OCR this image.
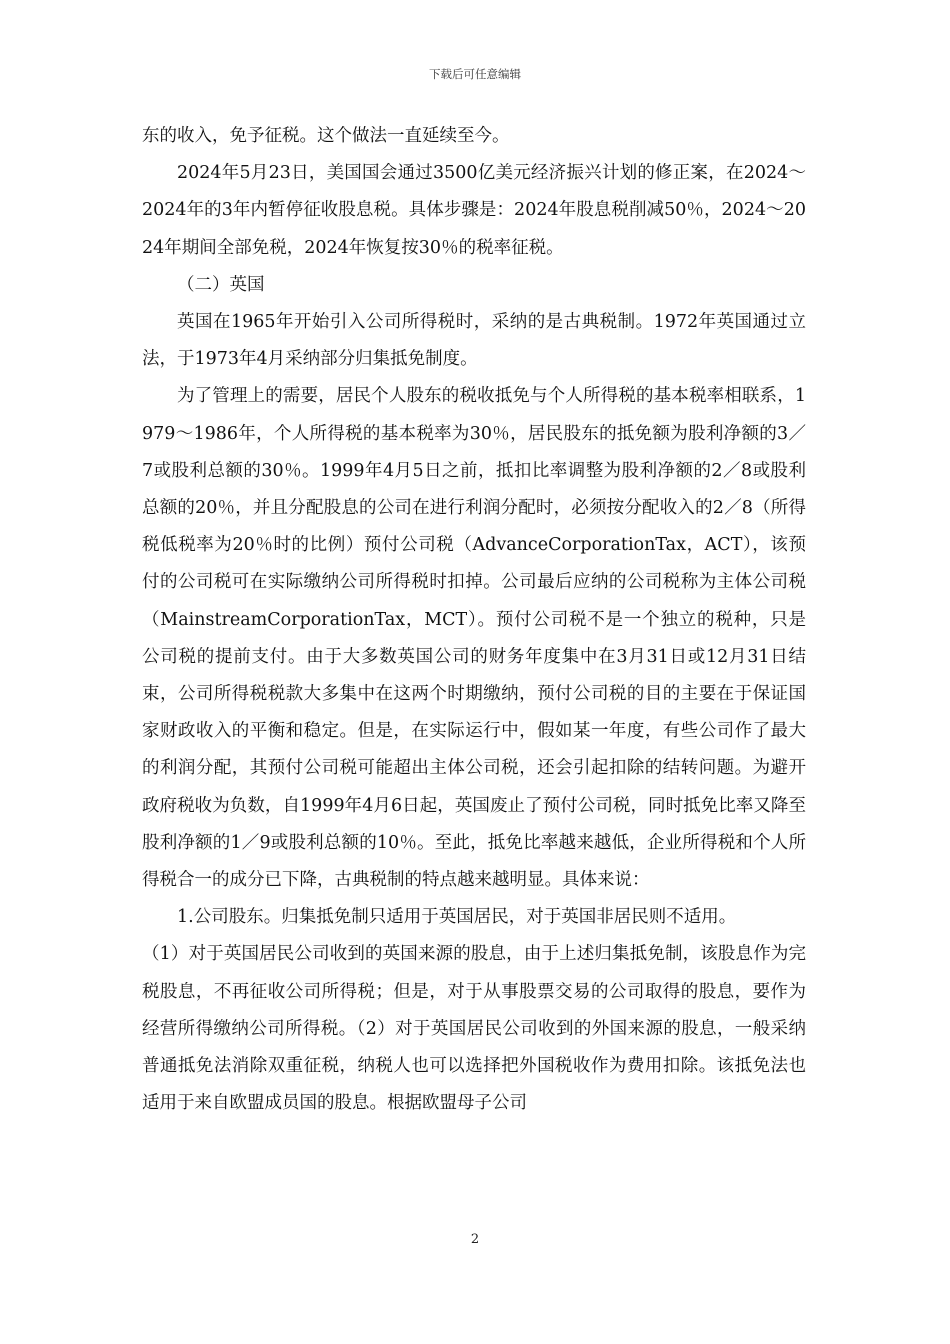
下载后可任意编辑

东的收入，免予征税。这个做法一直延续至今。

2024年5月23日，美国国会通过3500亿美元经济振兴计划的修正案，在2024～2024年的3年内暂停征收股息税。具体步骤是：2024年股息税削减50％，2024～2024年期间全部免税，2024年恢复按30％的税率征税。

（二）英国

英国在1965年开始引入公司所得税时，采纳的是古典税制。1972年英国通过立法，于1973年4月采纳部分归集抵免制度。

为了管理上的需要，居民个人股东的税收抵免与个人所得税的基本税率相联系，1979～1986年，个人所得税的基本税率为30％，居民股东的抵免额为股利净额的3／7或股利总额的30％。1999年4月5日之前，抵扣比率调整为股利净额的2／8或股利总额的20％，并且分配股息的公司在进行利润分配时，必须按分配收入的2／8（所得税低税率为20％时的比例）预付公司税（AdvanceCorporationTax，ACT），该预付的公司税可在实际缴纳公司所得税时扣掉。公司最后应纳的公司税称为主体公司税（MainstreamCorporationTax，MCT）。预付公司税不是一个独立的税种，只是公司税的提前支付。由于大多数英国公司的财务年度集中在3月31日或12月31日结束，公司所得税税款大多集中在这两个时期缴纳，预付公司税的目的主要在于保证国家财政收入的平衡和稳定。但是，在实际运行中，假如某一年度，有些公司作了最大的利润分配，其预付公司税可能超出主体公司税，还会引起扣除的结转问题。为避开政府税收为负数，自1999年4月6日起，英国废止了预付公司税，同时抵免比率又降至股利净额的1／9或股利总额的10％。至此，抵免比率越来越低，企业所得税和个人所得税合一的成分已下降，古典税制的特点越来越明显。具体来说：

1.公司股东。归集抵免制只适用于英国居民，对于英国非居民则不适用。

（1）对于英国居民公司收到的英国来源的股息，由于上述归集抵免制，该股息作为完税股息，不再征收公司所得税；但是，对于从事股票交易的公司取得的股息，要作为经营所得缴纳公司所得税。（2）对于英国居民公司收到的外国来源的股息，一般采纳普通抵免法消除双重征税，纳税人也可以选择把外国税收作为费用扣除。该抵免法也适用于来自欧盟成员国的股息。根据欧盟母子公司

2
